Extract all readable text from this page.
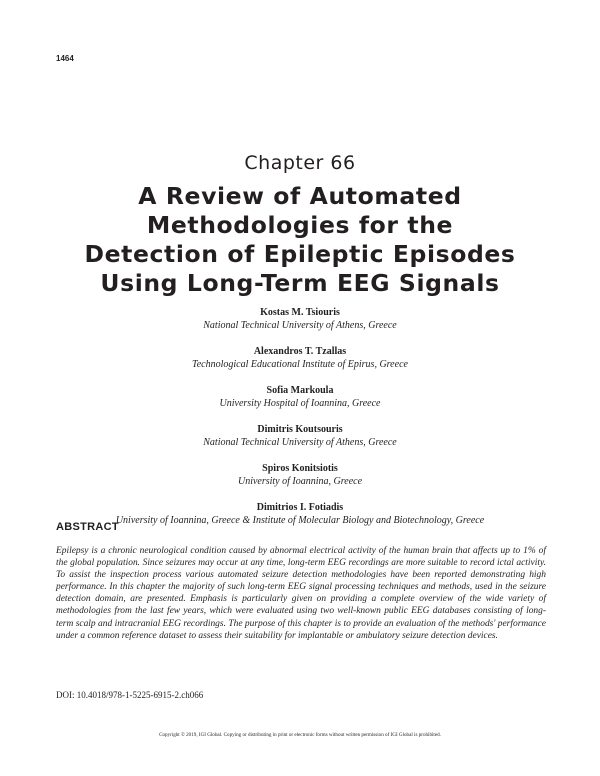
1464
Chapter 66
A Review of Automated
Methodologies for the
Detection of Epileptic Episodes
Using Long-Term EEG Signals
Kostas M. Tsiouris
National Technical University of Athens, Greece
Alexandros T. Tzallas
Technological Educational Institute of Epirus, Greece
Sofia Markoula
University Hospital of Ioannina, Greece
Dimitris Koutsouris
National Technical University of Athens, Greece
Spiros Konitsiotis
University of Ioannina, Greece
Dimitrios I. Fotiadis
University of Ioannina, Greece & Institute of Molecular Biology and Biotechnology, Greece
ABSTRACT

Epilepsy is a chronic neurological condition caused by abnormal electrical activity of the human brain that affects up to 1% of the global population. Since seizures may occur at any time, long-term EEG recordings are more suitable to record ictal activity. To assist the inspection process various automated seizure detection methodologies have been reported demonstrating high performance. In this chapter the majority of such long-term EEG signal processing techniques and methods, used in the seizure detection domain, are presented. Emphasis is particularly given on providing a complete overview of the wide variety of methodologies from the last few years, which were evaluated using two well-known public EEG databases consisting of long-term scalp and intracranial EEG recordings. The purpose of this chapter is to provide an evaluation of the methods' performance under a common reference dataset to assess their suitability for implantable or ambulatory seizure detection devices.

DOI: 10.4018/978-1-5225-6915-2.ch066
Copyright © 2019, IGI Global. Copying or distributing in print or electronic forms without written permission of IGI Global is prohibited.
